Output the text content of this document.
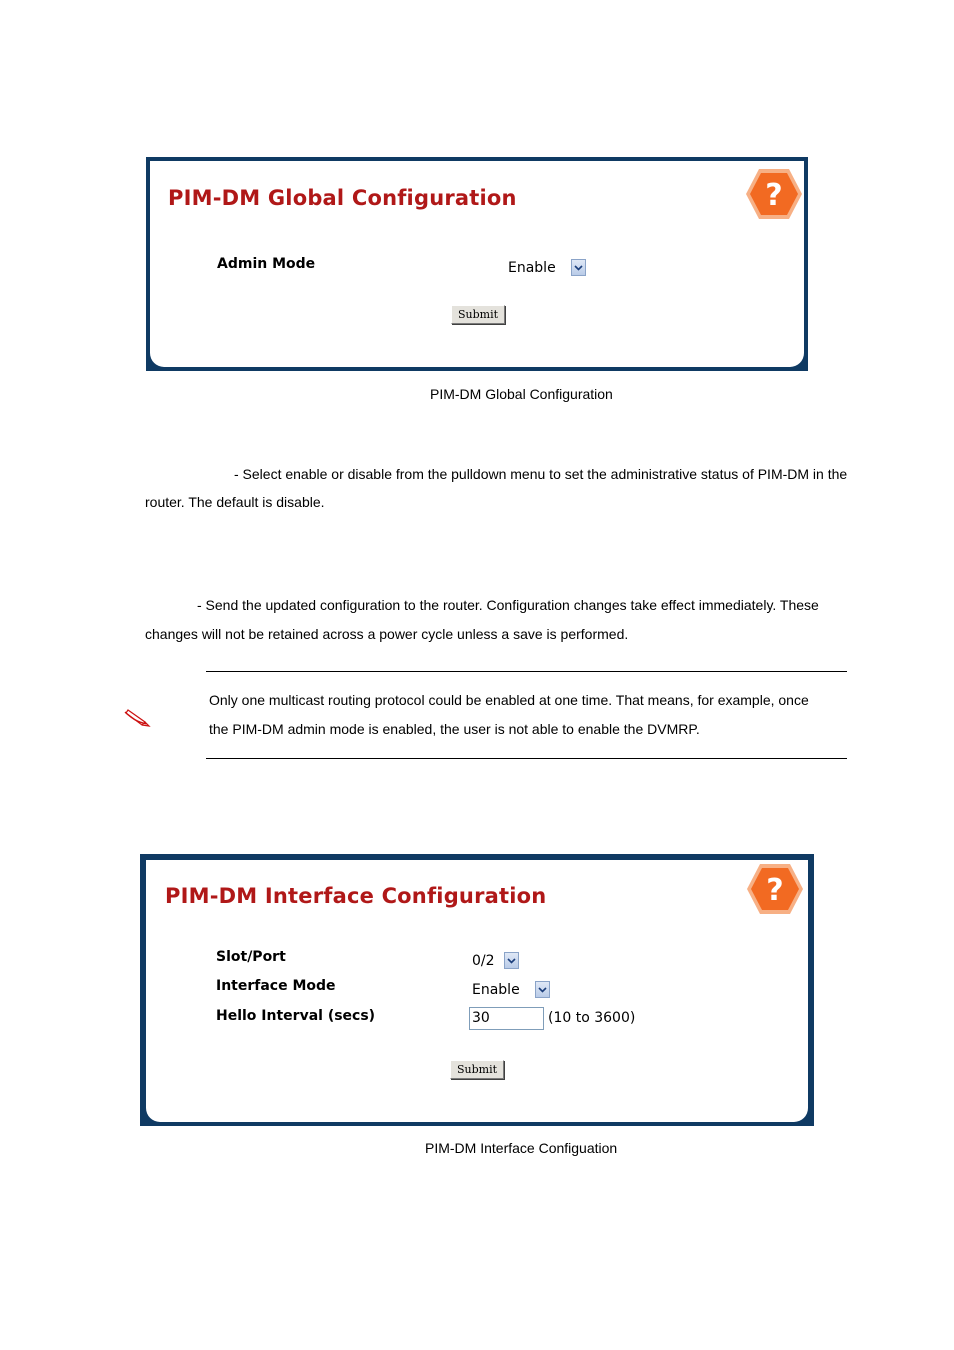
PIM-DM Global Configuration	?
Admin Mode	Enable
Submit
PIM-DM Global Configuration
- Select enable or disable from the pulldown menu to set the administrative status of PIM-DM in the
router. The default is disable.
- Send the updated configuration to the router. Configuration changes take effect immediately. These
changes will not be retained across a power cycle unless a save is performed.
Only one multicast routing protocol could be enabled at one time. That means, for example, once
the PIM-DM admin mode is enabled, the user is not able to enable the DVMRP.
PIM-DM Interface Configuration	?
Slot/Port	0/2
Interface Mode	Enable
Hello Interval (secs)	30	(10 to 3600)
Submit
PIM-DM Interface Configuation
